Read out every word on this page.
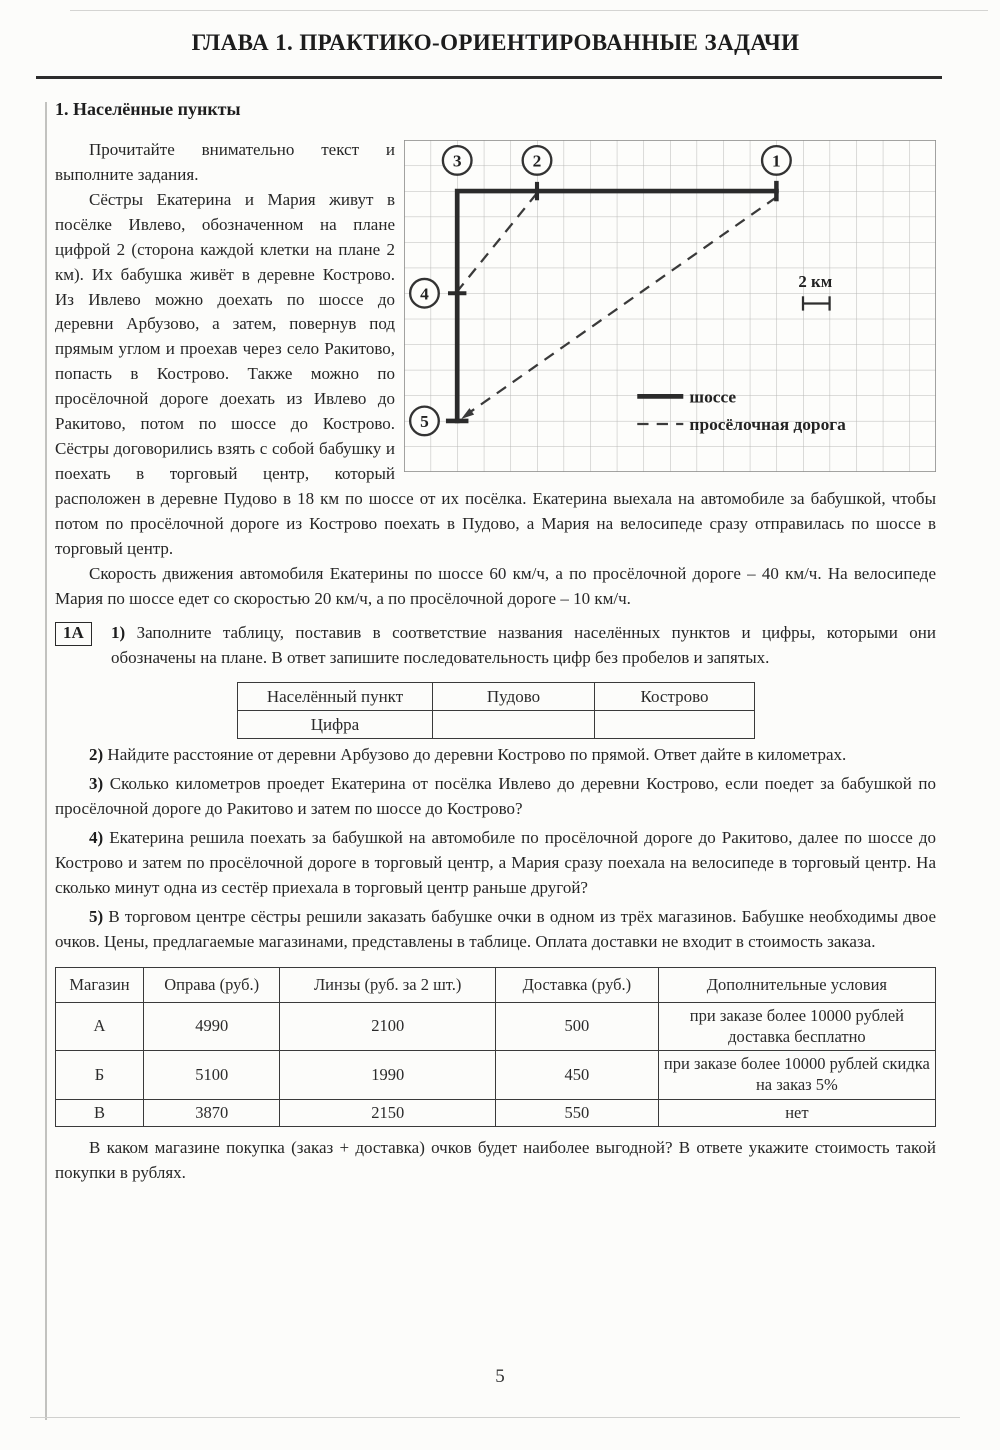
ГЛАВА 1. ПРАКТИКО-ОРИЕНТИРОВАННЫЕ ЗАДАЧИ
1. Населённые пункты
3	2	1
4
5
2 км
шоссе
просёлочная дорога

Прочитайте внимательно текст и выполните задания.

Сёстры Екатерина и Мария живут в посёлке Ивлево, обозначенном на плане цифрой 2 (сторона каждой клетки на плане 2 км). Их бабушка живёт в деревне Кострово. Из Ивлево можно доехать по шоссе до деревни Арбузово, а затем, повернув под прямым углом и проехав через село Ракитово, попасть в Кострово. Также можно по просёлочной дороге доехать из Ивлево до Ракитово, потом по шоссе до Кострово. Сёстры договорились взять с собой бабушку и поехать в торговый центр, который расположен в деревне Пудово в 18 км по шоссе от их посёлка. Екатерина выехала на автомобиле за бабушкой, чтобы потом по просёлочной дороге из Кострово поехать в Пудово, а Мария на велосипеде сразу отправилась по шоссе в торговый центр.

Скорость движения автомобиля Екатерины по шоссе 60 км/ч, а по просёлочной дороге – 40 км/ч. На велосипеде Мария по шоссе едет со скоростью 20 км/ч, а по просёлочной дороге – 10 км/ч.

1А	1) Заполните таблицу, поставив в соответствие названия населённых пунктов и цифры, которыми они обозначены на плане. В ответ запишите последовательность цифр без пробелов и запятых.

Населённый пункт	Пудово	Кострово
Цифра		

2) Найдите расстояние от деревни Арбузово до деревни Кострово по прямой. Ответ дайте в километрах.

3) Сколько километров проедет Екатерина от посёлка Ивлево до деревни Кострово, если поедет за бабушкой по просёлочной дороге до Ракитово и затем по шоссе до Кострово?

4) Екатерина решила поехать за бабушкой на автомобиле по просёлочной дороге до Ракитово, далее по шоссе до Кострово и затем по просёлочной дороге в торговый центр, а Мария сразу поехала на велосипеде в торговый центр. На сколько минут одна из сестёр приехала в торговый центр раньше другой?

5) В торговом центре сёстры решили заказать бабушке очки в одном из трёх магазинов. Бабушке необходимы двое очков. Цены, предлагаемые магазинами, представлены в таблице. Оплата доставки не входит в стоимость заказа.

Магазин	Оправа (руб.)	Линзы (руб. за 2 шт.)	Доставка (руб.)	Дополнительные условия
А	4990	2100	500	при заказе более 10000 рублей доставка бесплатно
Б	5100	1990	450	при заказе более 10000 рублей скидка на заказ 5%
В	3870	2150	550	нет

В каком магазине покупка (заказ + доставка) очков будет наиболее выгодной? В ответе укажите стоимость такой покупки в рублях.

5
